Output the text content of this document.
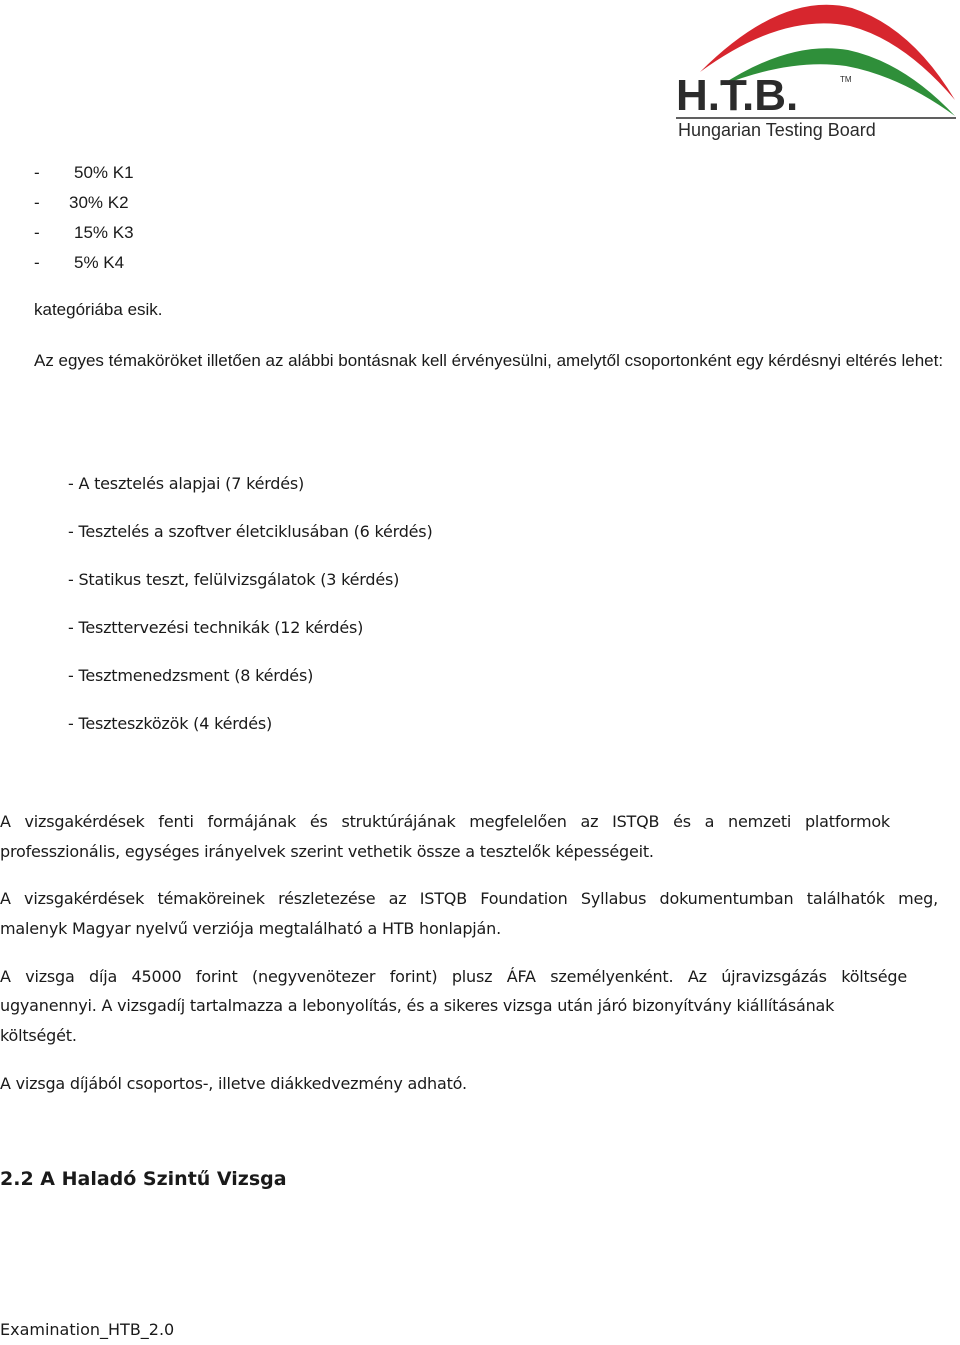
H.T.B.	TM
Hungarian Testing Board
- 50% K1
- 30% K2
- 15% K3
- 5% K4
kategóriába esik.
Az egyes témaköröket illetően az alábbi bontásnak kell érvényesülni, amelytől csoportonként egy kérdésnyi eltérés lehet:
- A tesztelés alapjai (7 kérdés)
- Tesztelés a szoftver életciklusában (6 kérdés)
- Statikus teszt, felülvizsgálatok (3 kérdés)
- Teszttervezési technikák (12 kérdés)
- Tesztmenedzsment (8 kérdés)
- Teszteszközök (4 kérdés)
A vizsgakérdések fenti formájának és struktúrájának megfelelően az ISTQB és a nemzeti platformok
professzionális, egységes irányelvek szerint vethetik össze a tesztelők képességeit.
A vizsgakérdések témaköreinek részletezése az ISTQB Foundation Syllabus dokumentumban találhatók meg,
malenyk Magyar nyelvű verziója megtalálható a HTB honlapján.
A vizsga díja 45000 forint (negyvenötezer forint) plusz ÁFA személyenként. Az újravizsgázás költsége
ugyanennyi. A vizsgadíj tartalmazza a lebonyolítás, és a sikeres vizsga után járó bizonyítvány kiállításának
költségét.
A vizsga díjából csoportos-, illetve diákkedvezmény adható.
2.2 A Haladó Szintű Vizsga
Examination_HTB_2.0
